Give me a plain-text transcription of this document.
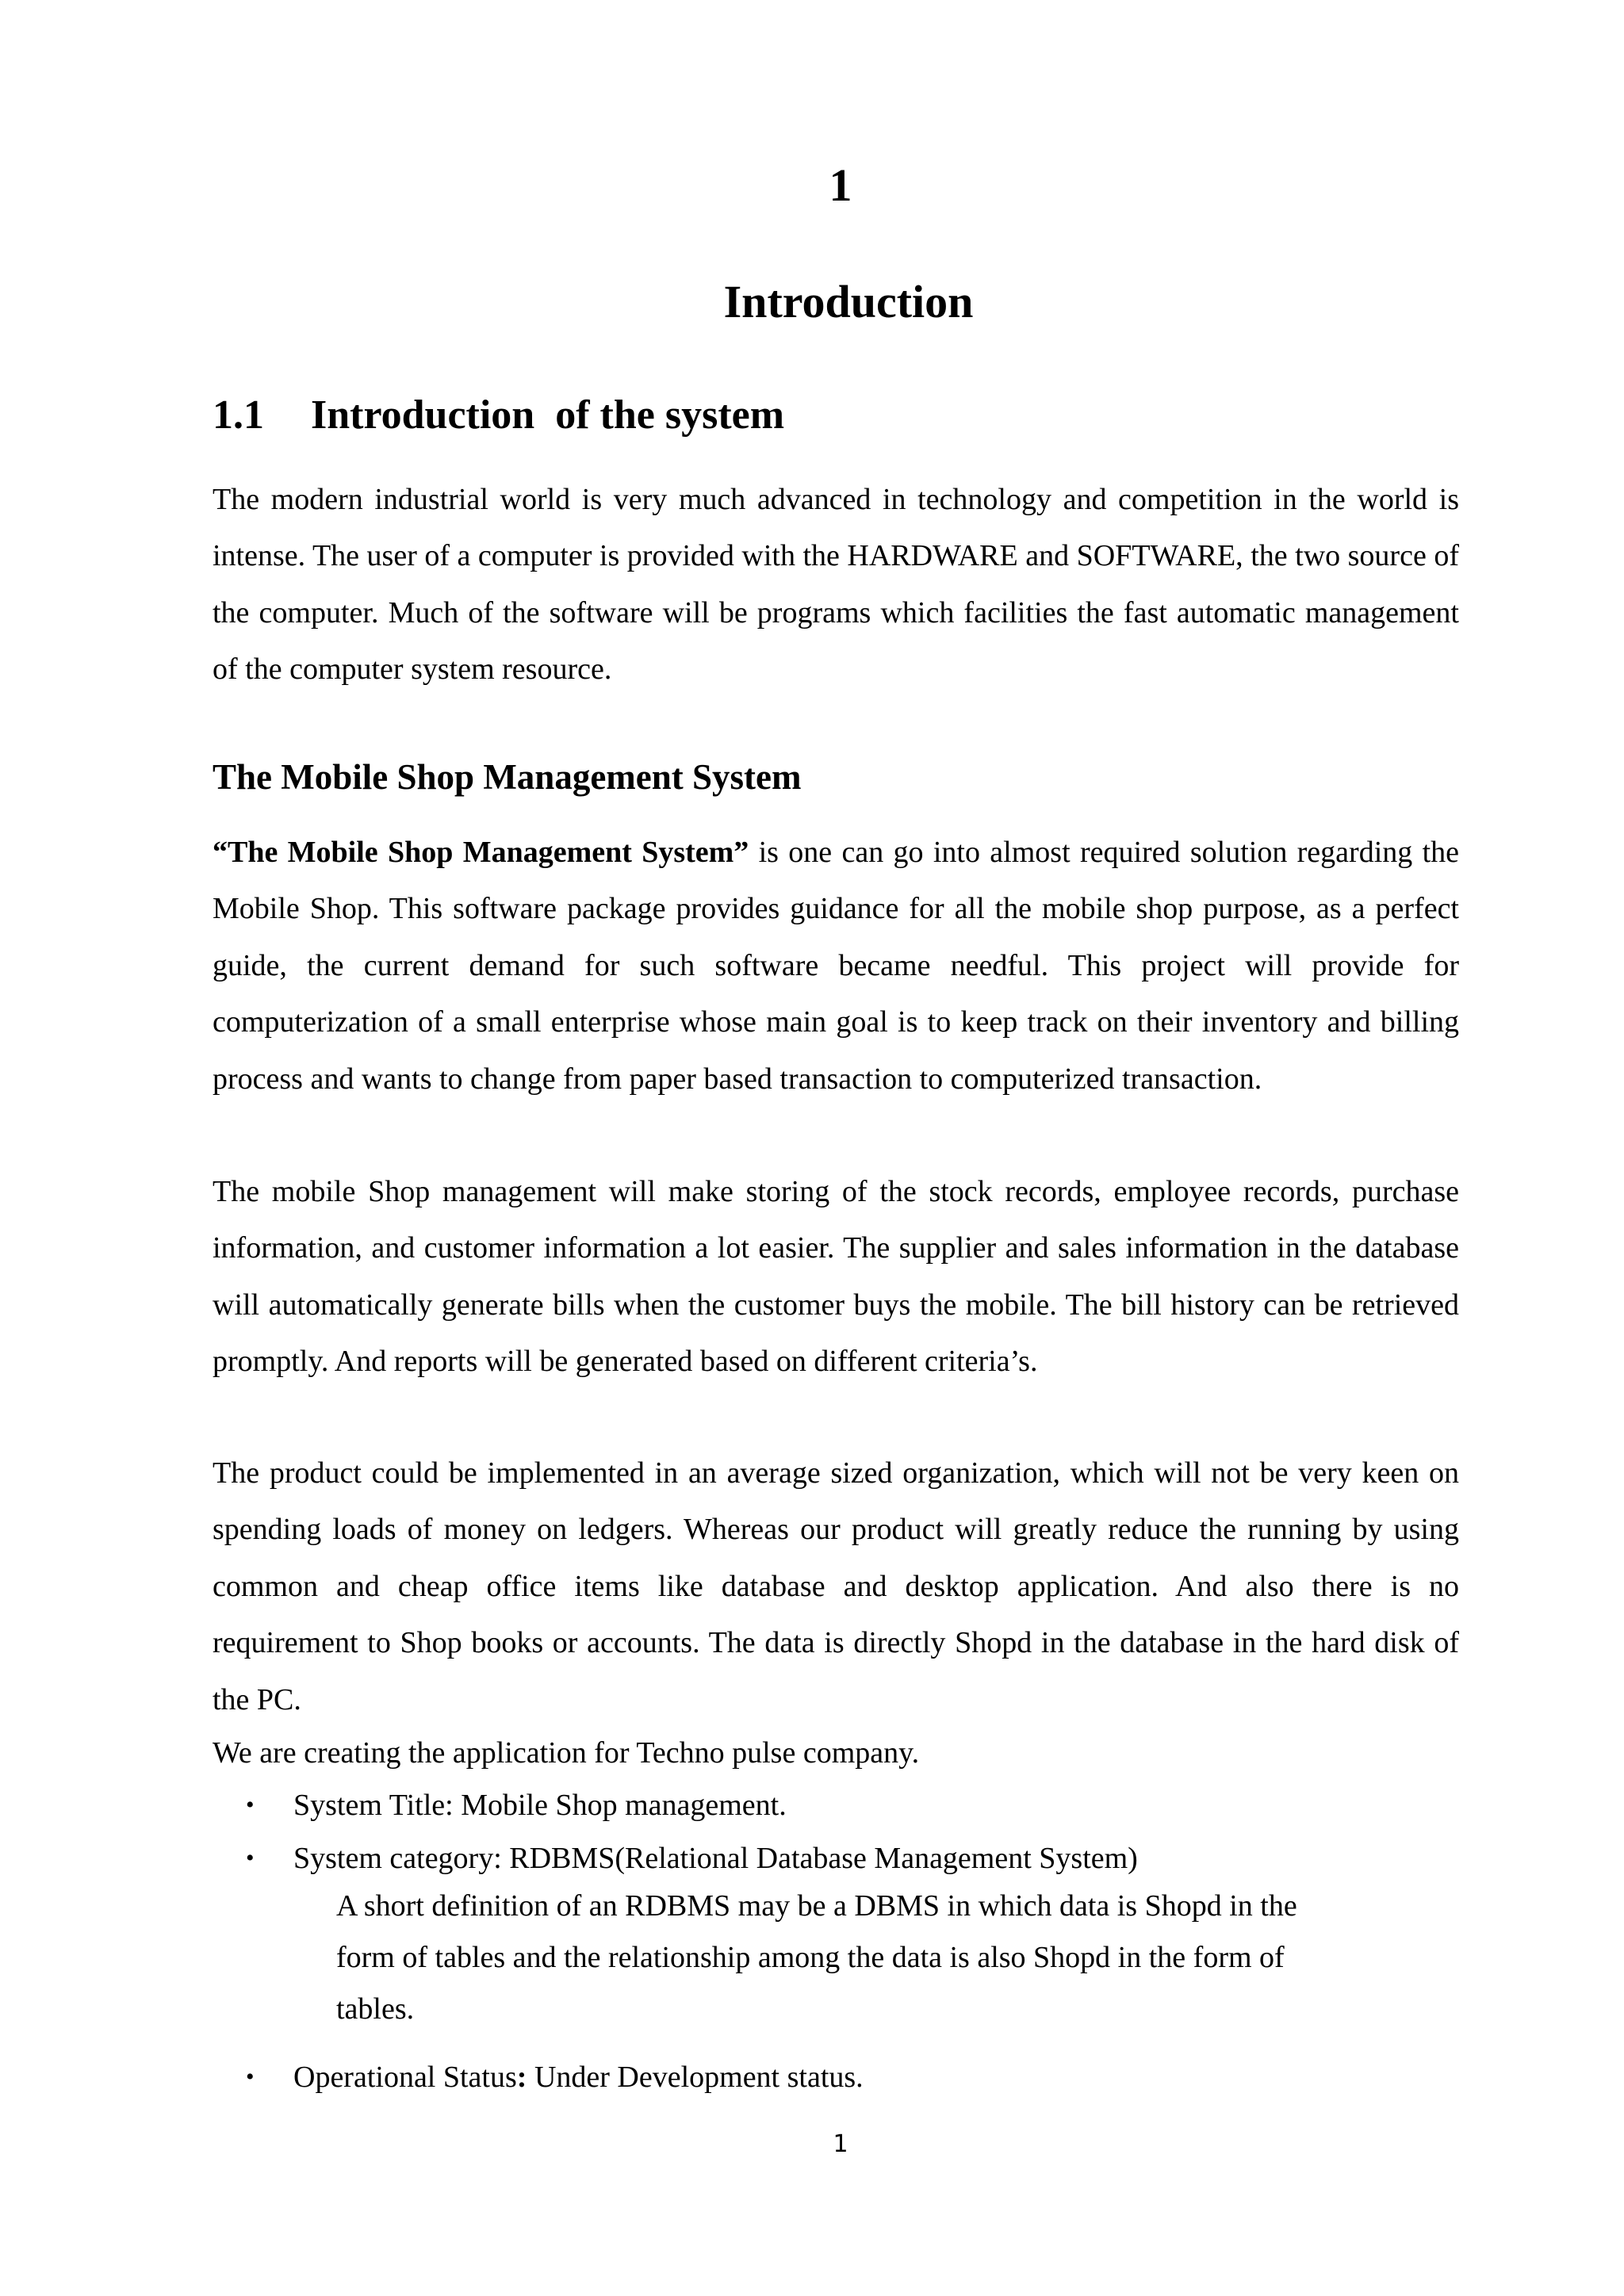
1
Introduction
1.1 Introduction  of the system

The modern industrial world is very much advanced in technology and competition in the world is intense. The user of a computer is provided with the HARDWARE and SOFTWARE, the two source of the computer. Much of the software will be programs which facilities the fast automatic management of the computer system resource.

The Mobile Shop Management System

“The Mobile Shop Management System” is one can go into almost required solution regarding the Mobile Shop. This software package provides guidance for all the mobile shop purpose, as a perfect guide, the current demand for such software became needful. This project will provide for computerization of a small enterprise whose main goal is to keep track on their inventory and billing process and wants to change from paper based transaction to computerized transaction.

The mobile Shop management will make storing of the stock records, employee records, purchase information, and customer information a lot easier. The supplier and sales information in the database will automatically generate bills when the customer buys the mobile. The bill history can be retrieved promptly. And reports will be generated based on different criteria’s.

The product could be implemented in an average sized organization, which will not be very keen on spending loads of money on ledgers. Whereas our product will greatly reduce the running by using common and cheap office items like database and desktop application. And also there is no requirement to Shop books or accounts. The data is directly Shopd in the database in the hard disk of the PC.

We are creating the application for Techno pulse company.
• System Title: Mobile Shop management.
• System category: RDBMS(Relational Database Management System)

A short definition of an RDBMS may be a DBMS in which data is Shopd in the form of tables and the relationship among the data is also Shopd in the form of tables.

• Operational Status: Under Development status.
1
